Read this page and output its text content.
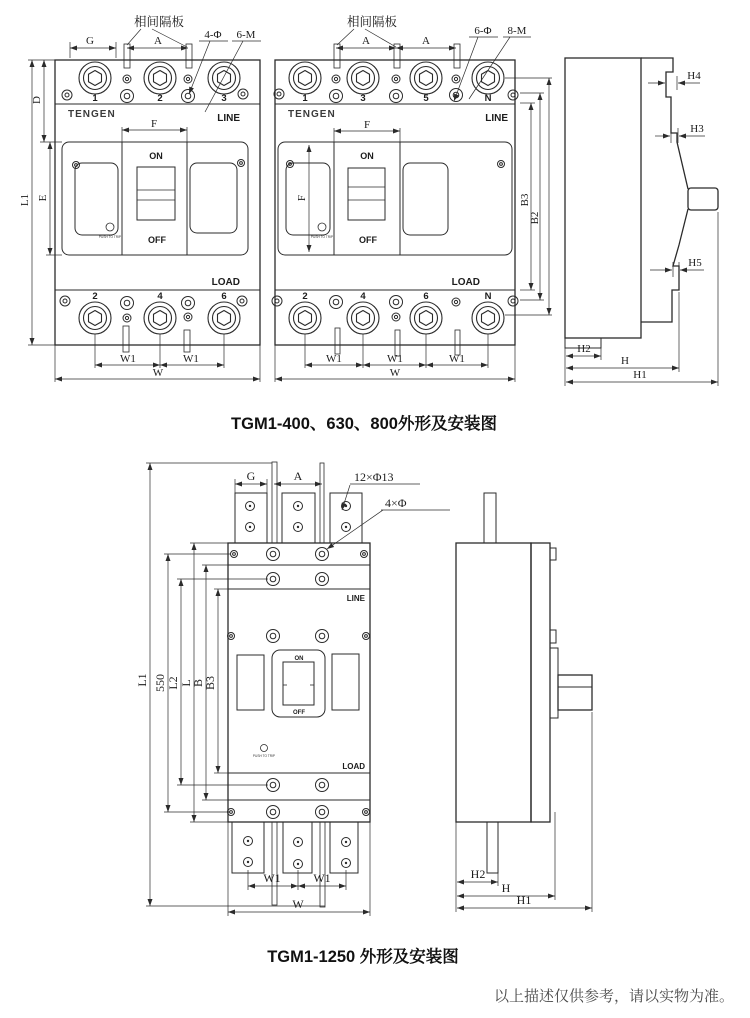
1	2	3
TENGEN	LINE
ON
OFF
PUSH TO TRIP
LOAD
2	4	6
相间隔板
G	A	4-Φ 6-M
L1
D
E
F
W1	W1
W
1	3	5	N
TENGEN	LINE
ON
OFF
PUSH TO TRIP
LOAD
2	4	6	N
相间隔板
A	A
6-Φ 8-M
F
F	B3
B2
W1	W1	W1
W
H4
H3
H5
H2
H
H1
TGM1-400、630、800外形及安装图
LINE
ON
OFF
PUSH TO TRIP
LOAD
G	A	12×Φ13
4×Φ
L1 550 L2 L
B
B3
W1	W1
W
H2
H
H1
TGM1-1250 外形及安装图
以上描述仅供参考，请以实物为准。
